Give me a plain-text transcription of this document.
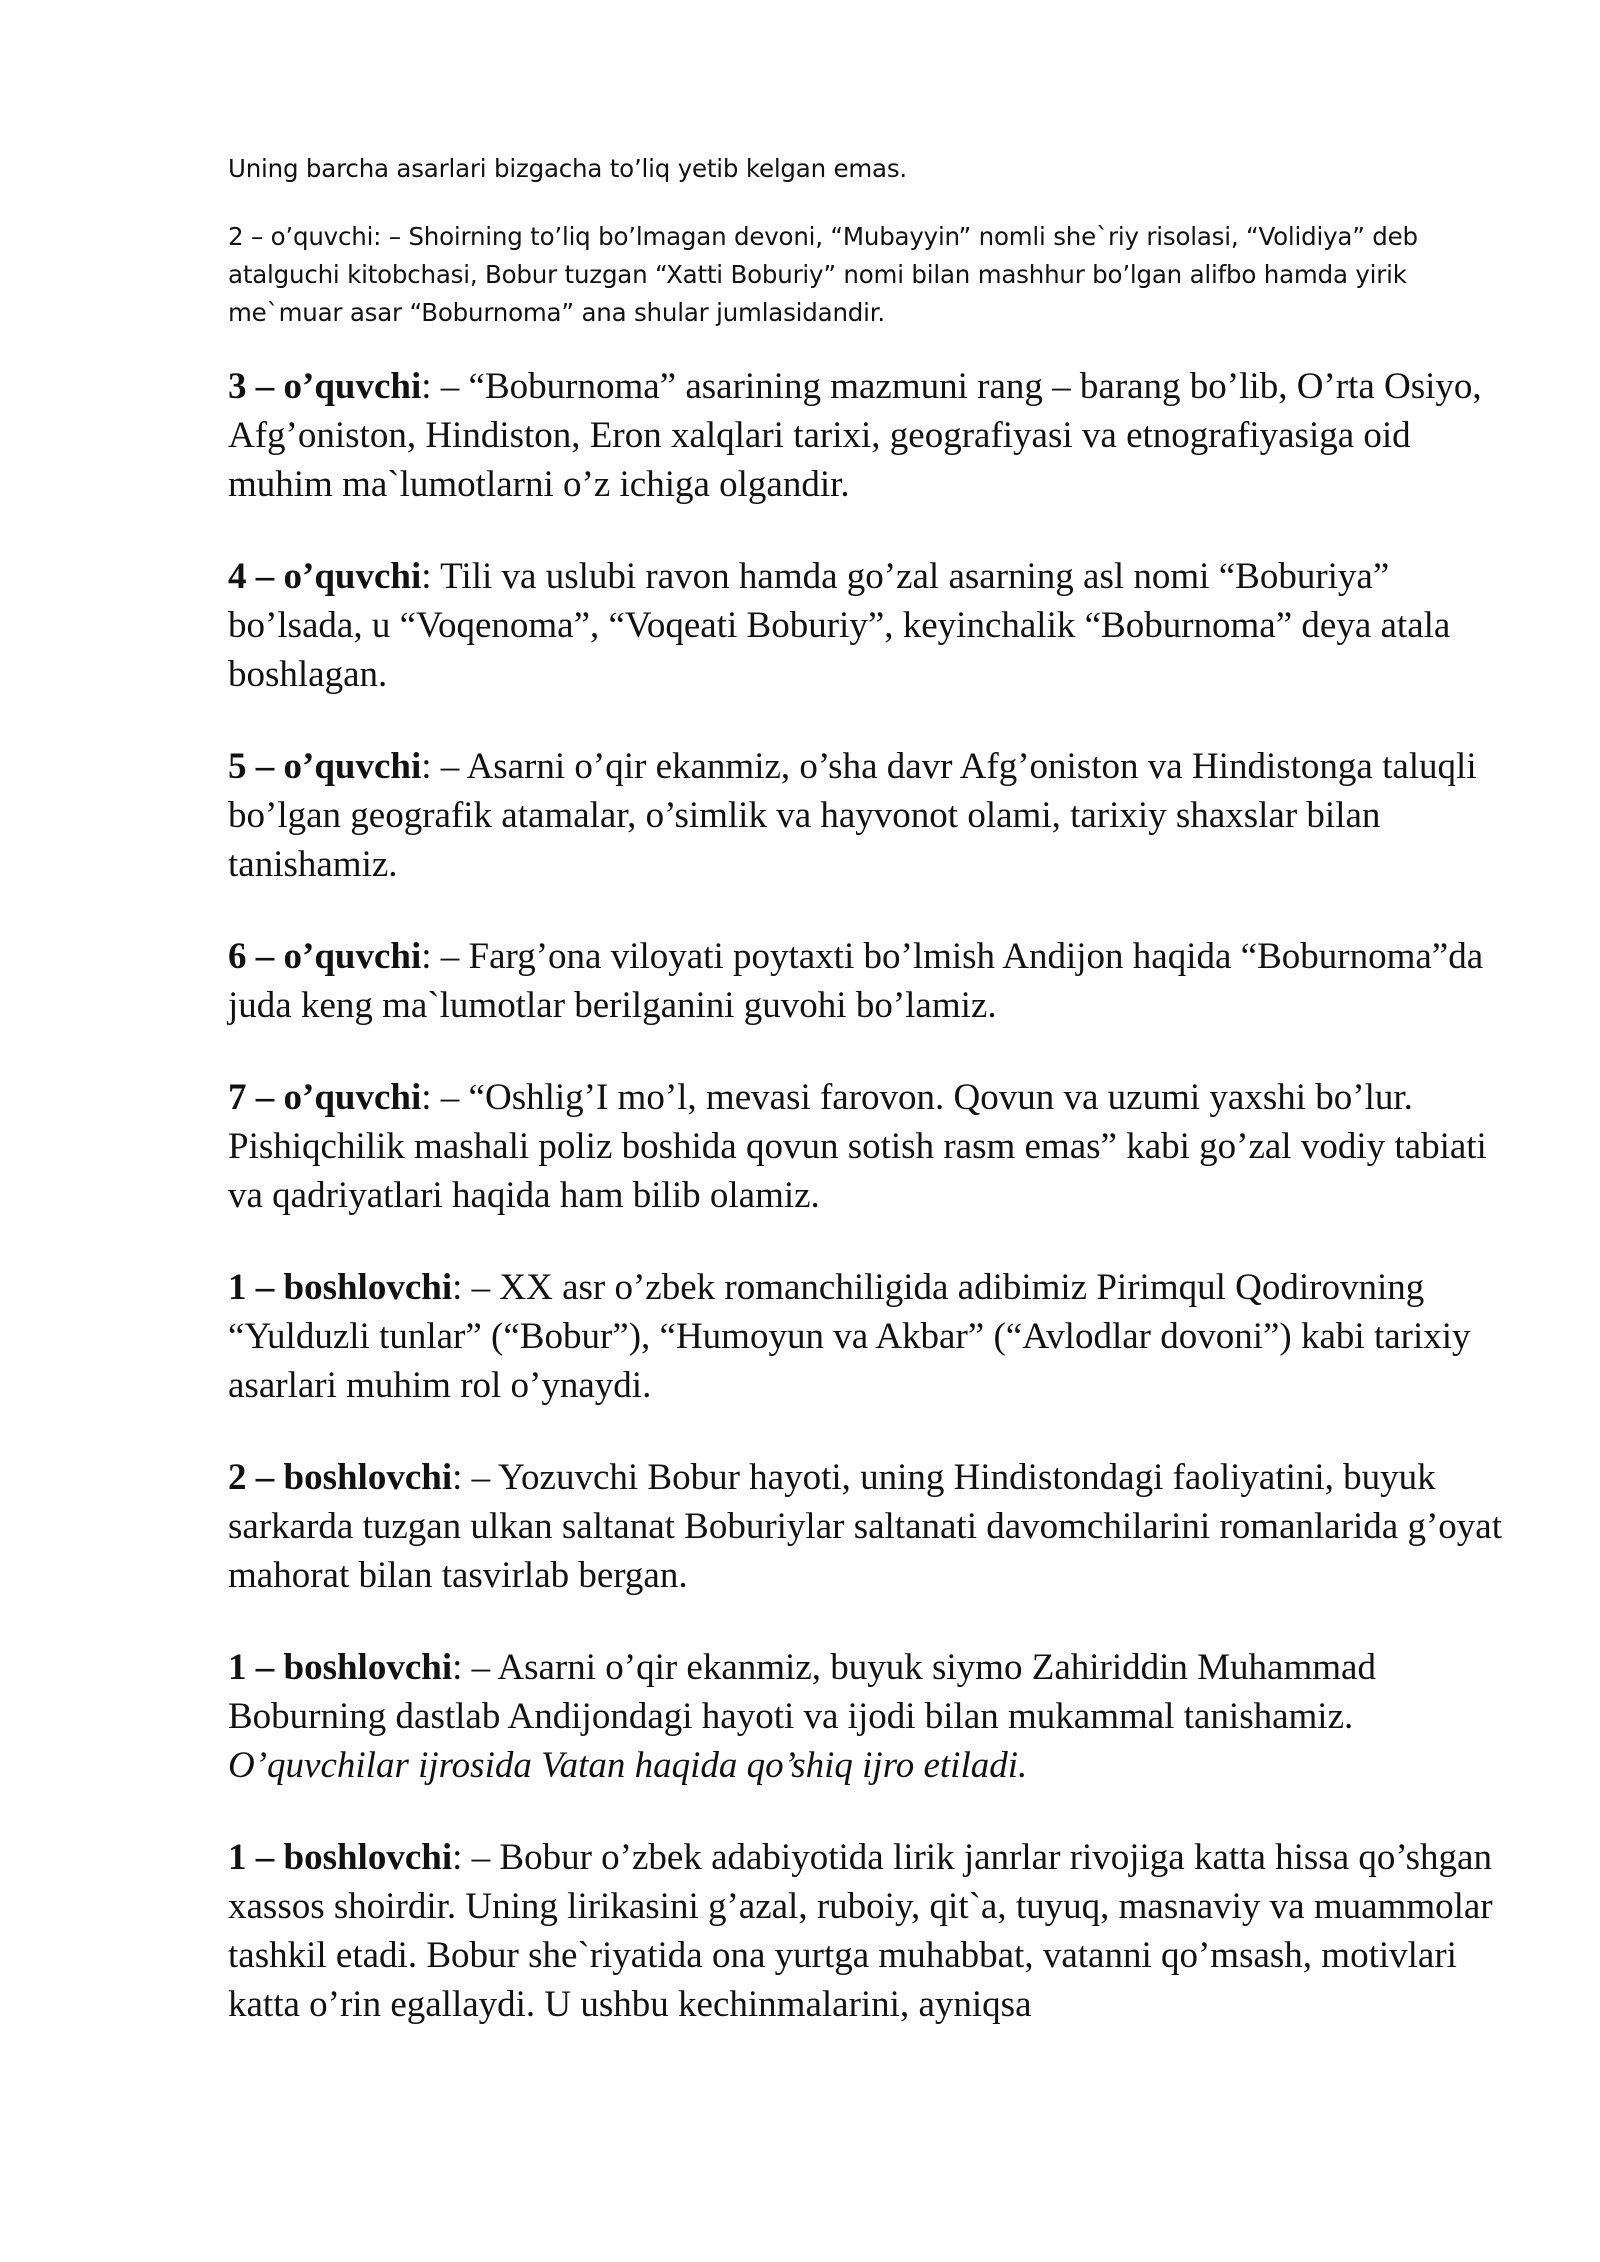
Uning barcha asarlari bizgacha to’liq yetib kelgan emas.

2 – o’quvchi: – Shoirning to’liq bo’lmagan devoni, “Mubayyin” nomli she`riy risolasi, “Volidiya” deb atalguchi kitobchasi, Bobur tuzgan “Xatti Boburiy” nomi bilan mashhur bo’lgan alifbo hamda yirik me`muar asar “Boburnoma” ana shular jumlasidandir.

3 – o’quvchi: – “Boburnoma” asarining mazmuni rang – barang bo’lib, O’rta Osiyo, Afg’oniston, Hindiston, Eron xalqlari tarixi, geografiyasi va etnografiyasiga oid muhim ma`lumotlarni o’z ichiga olgandir.

4 – o’quvchi: Tili va uslubi ravon hamda go’zal asarning asl nomi “Boburiya” bo’lsada, u “Voqenoma”, “Voqeati Boburiy”, keyinchalik “Boburnoma” deya atala boshlagan.

5 – o’quvchi: – Asarni o’qir ekanmiz, o’sha davr Afg’oniston va Hindistonga taluqli bo’lgan geografik atamalar, o’simlik va hayvonot olami, tarixiy shaxslar bilan tanishamiz.

6 – o’quvchi: – Farg’ona viloyati poytaxti bo’lmish Andijon haqida “Boburnoma”da juda keng ma`lumotlar berilganini guvohi bo’lamiz.

7 – o’quvchi: – “Oshlig’I mo’l, mevasi farovon. Qovun va uzumi yaxshi bo’lur. Pishiqchilik mashali poliz boshida qovun sotish rasm emas” kabi go’zal vodiy tabiati va qadriyatlari haqida ham bilib olamiz.

1 – boshlovchi: – XX asr o’zbek romanchiligida adibimiz Pirimqul Qodirovning “Yulduzli tunlar” (“Bobur”), “Humoyun va Akbar” (“Avlodlar dovoni”) kabi tarixiy asarlari muhim rol o’ynaydi.

2 – boshlovchi: – Yozuvchi Bobur hayoti, uning Hindistondagi faoliyatini, buyuk sarkarda tuzgan ulkan saltanat Boburiylar saltanati davomchilarini romanlarida g’oyat mahorat bilan tasvirlab bergan.

1 – boshlovchi: – Asarni o’qir ekanmiz, buyuk siymo Zahiriddin Muhammad Boburning dastlab Andijondagi hayoti va ijodi bilan mukammal tanishamiz.
O’quvchilar ijrosida Vatan haqida qo’shiq ijro etiladi.

1 – boshlovchi: – Bobur o’zbek adabiyotida lirik janrlar rivojiga katta hissa qo’shgan xassos shoirdir. Uning lirikasini g’azal, ruboiy, qit`a, tuyuq, masnaviy va muammolar tashkil etadi. Bobur she`riyatida ona yurtga muhabbat, vatanni qo’msash, motivlari katta o’rin egallaydi. U ushbu kechinmalarini, ayniqsa
